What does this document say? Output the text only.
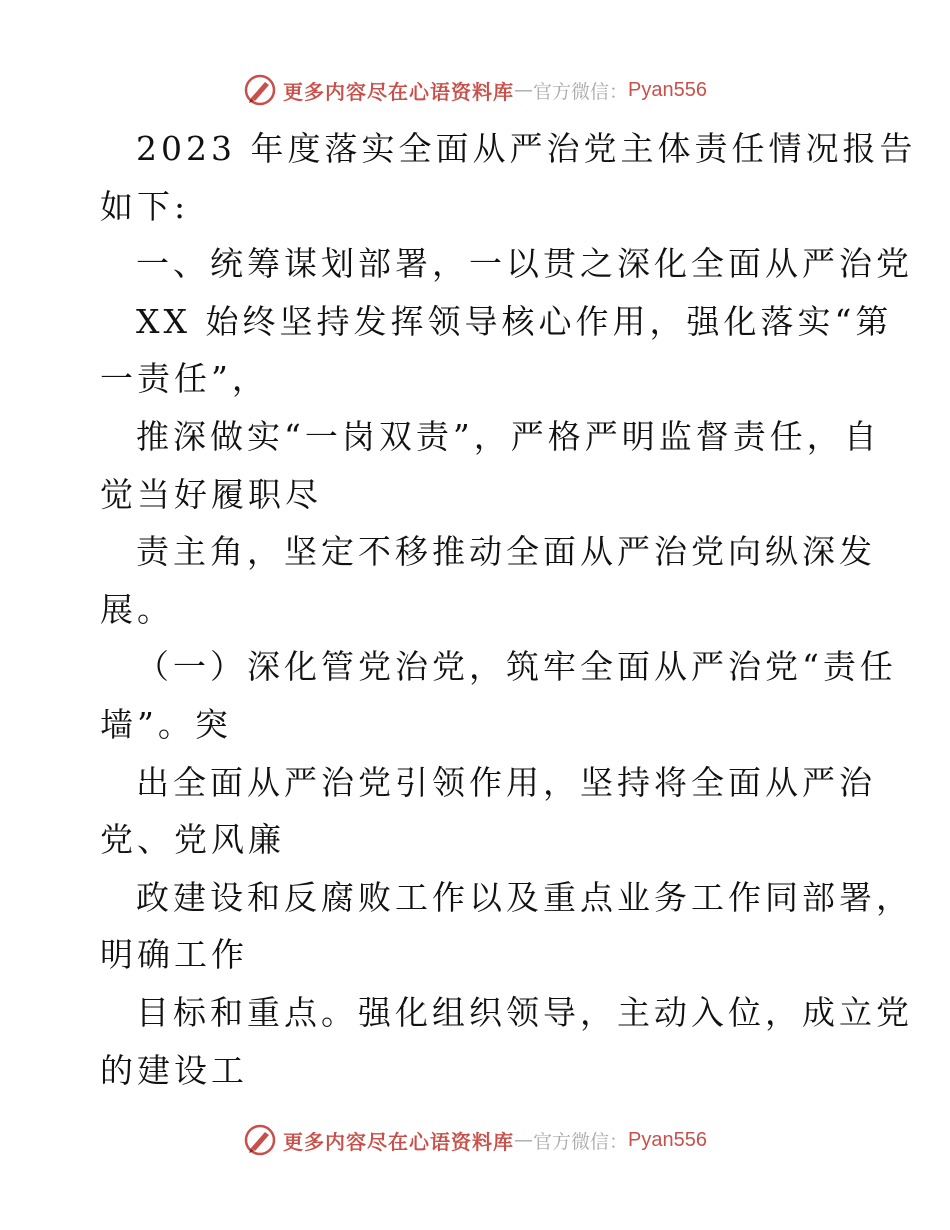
更多内容尽在心语资料库 — 官方微信： Pyan556
2023 年度落实全面从严治党主体责任情况报告
如下:
一、统筹谋划部署，一以贯之深化全面从严治党
XX 始终坚持发挥领导核心作用，强化落实“第
一责任”，
推深做实“一岗双责”，严格严明监督责任，自
觉当好履职尽
责主角，坚定不移推动全面从严治党向纵深发
展。
（一）深化管党治党，筑牢全面从严治党“责任
墙”。突
出全面从严治党引领作用，坚持将全面从严治
党、党风廉
政建设和反腐败工作以及重点业务工作同部署，
明确工作
目标和重点。强化组织领导，主动入位，成立党
的建设工
更多内容尽在心语资料库 — 官方微信： Pyan556
